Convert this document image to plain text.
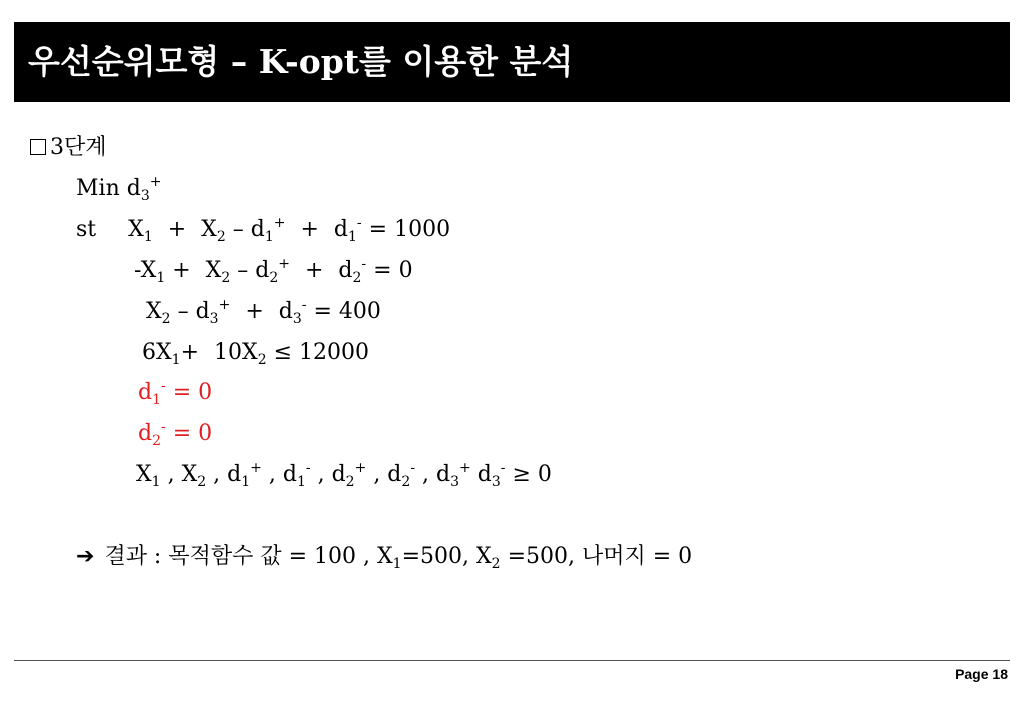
우선순위모형 – K-opt를 이용한 분석
3단계
Min $d_3^+$
st $X_1 + X_2 - d_1^+ + d_1^- = 1000$
$-X_1 + X_2 - d_2^+ + d_2^- = 0$
$X_2 - d_3^+ + d_3^- = 400$
$6X_1+ 10X_2 \le 12000$
$d_1^- = 0$
$d_2^- = 0$
$X_1$ , $X_2$ , $d_1^+$ , $d_1^-$ , $d_2^+$ , $d_2^-$ , $d_3^+$ $d_3^- \ge 0$
➔ 결과 : 목적함수 값 = 100 , $X_1=500$, $X_2 =500$, 나머지 = 0
Page 18
